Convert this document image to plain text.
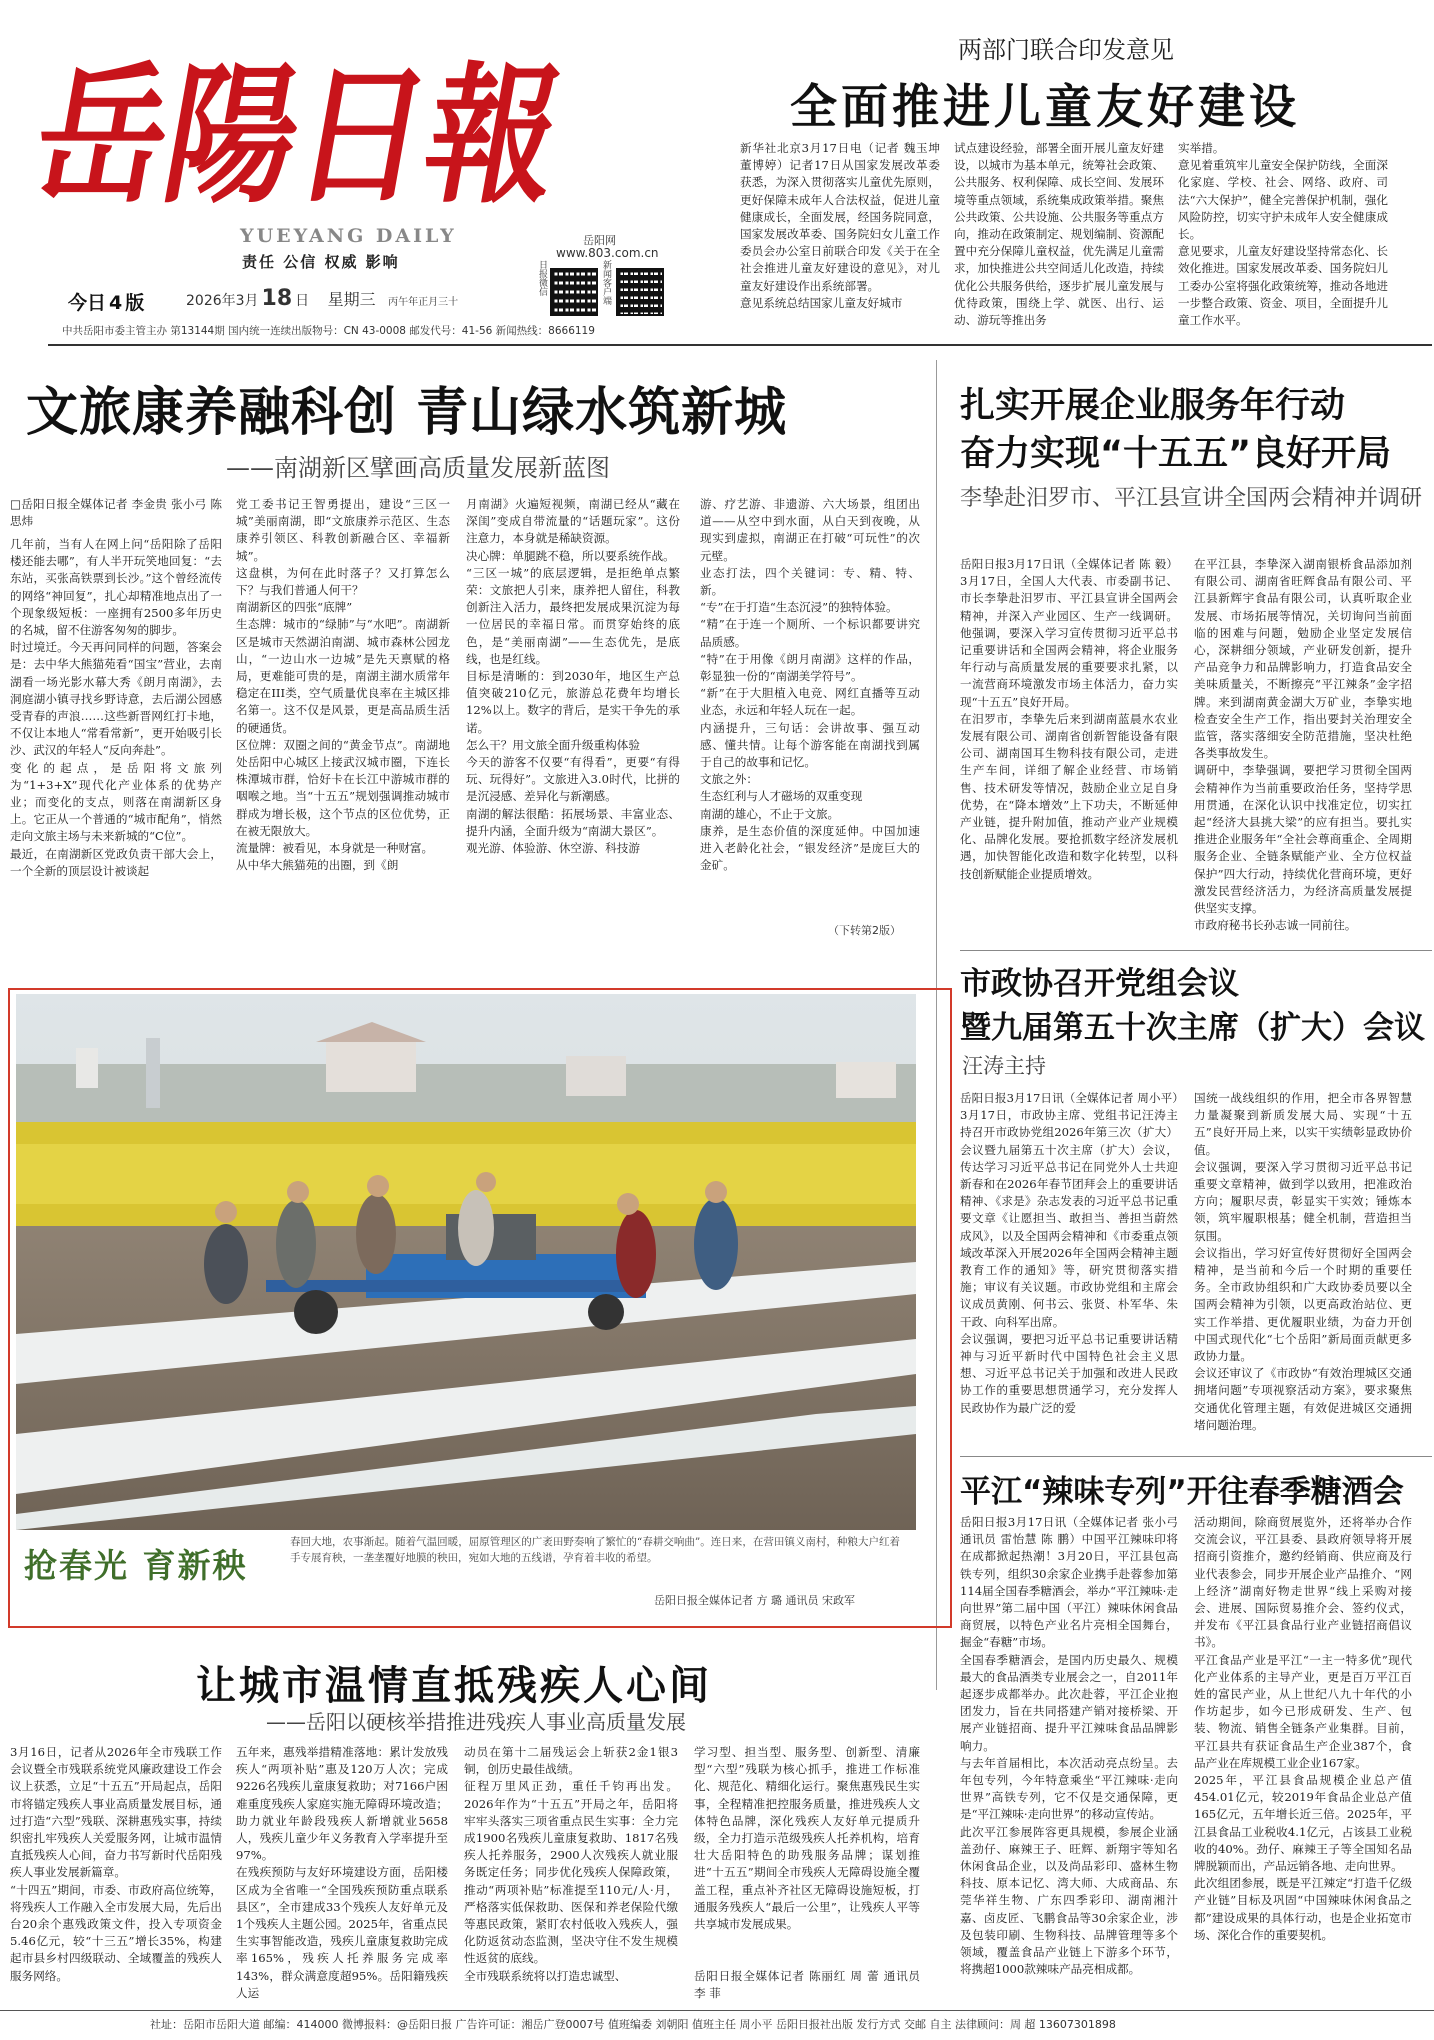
岳陽日報
YUEYANG DAILY
责任 公信 权威 影响
岳阳网
www.803.com.cn
日报微信	新闻客户端
今日 4 版	2026年3月 18 日 星期三 丙午年正月三十
中共岳阳市委主管主办 第13144期 国内统一连续出版物号：CN 43-0008 邮发代号：41-56 新闻热线：8666119
两部门联合印发意见
全面推进儿童友好建设
新华社北京3月17日电（记者 魏玉坤 董博婷）记者17日从国家发展改革委获悉，为深入贯彻落实儿童优先原则，更好保障未成年人合法权益，促进儿童健康成长，全面发展，经国务院同意，国家发展改革委、国务院妇女儿童工作委员会办公室日前联合印发《关于在全社会推进儿童友好建设的意见》，对儿童友好建设作出系统部署。
意见系统总结国家儿童友好城市
试点建设经验，部署全面开展儿童友好建设，以城市为基本单元，统筹社会政策、公共服务、权利保障、成长空间、发展环境等重点领域，系统集成政策举措。聚焦公共政策、公共设施、公共服务等重点方向，推动在政策制定、规划编制、资源配置中充分保障儿童权益，优先满足儿童需求，加快推进公共空间适儿化改造，持续优化公共服务供给，逐步扩展儿童发展与优待政策，围绕上学、就医、出行、运动、游玩等推出务
实举措。
意见着重筑牢儿童安全保护防线，全面深化家庭、学校、社会、网络、政府、司法“六大保护”，健全完善保护机制，强化风险防控，切实守护未成年人安全健康成长。
意见要求，儿童友好建设坚持常态化、长效化推进。国家发展改革委、国务院妇儿工委办公室将强化政策统筹，推动各地进一步整合政策、资金、项目，全面提升儿童工作水平。
文旅康养融科创 青山绿水筑新城
——南湖新区擘画高质量发展新蓝图
□岳阳日报全媒体记者 李金贵 张小弓 陈思炜
几年前，当有人在网上问“岳阳除了岳阳楼还能去哪”，有人半开玩笑地回复：“去东站，买张高铁票到长沙。”这个曾经流传的网络“神回复”，扎心却精准地点出了一个现象级短板：一座拥有2500多年历史的名城，留不住游客匆匆的脚步。
时过境迁。今天再问同样的问题，答案会是：去中华大熊猫苑看“国宝”营业，去南湖看一场光影水幕大秀《朗月南湖》，去洞庭湖小镇寻找乡野诗意，去后湖公园感受青春的声浪……这些新晋网红打卡地，不仅让本地人“常看常新”，更开始吸引长沙、武汉的年轻人“反向奔赴”。
变化的起点，是岳阳将文旅列为“1+3+X”现代化产业体系的优势产业；而变化的支点，则落在南湖新区身上。它正从一个普通的“城市配角”，悄然走向文旅主场与未来新城的“C位”。
最近，在南湖新区党政负责干部大会上，一个全新的顶层设计被谈起
党工委书记王智勇提出，建设“三区一城”美丽南湖，即“文旅康养示范区、生态康养引领区、科教创新融合区、幸福新城”。
这盘棋，为何在此时落子？又打算怎么下？与我们普通人何干？
南湖新区的四张“底牌”
生态牌：城市的“绿肺”与“水吧”。南湖新区是城市天然湖泊南湖、城市森林公园龙山，“一边山水一边城”是先天禀赋的格局，更难能可贵的是，南湖主湖水质常年稳定在III类，空气质量优良率在主城区排名第一。这不仅是风景，更是高品质生活的硬通货。
区位牌：双圈之间的“黄金节点”。南湖地处岳阳中心城区上接武汉城市圈，下连长株潭城市群，恰好卡在长江中游城市群的咽喉之地。当“十五五”规划强调推动城市群成为增长极，这个节点的区位优势，正在被无限放大。
流量牌：被看见，本身就是一种财富。
从中华大熊猫苑的出圈，到《朗
月南湖》火遍短视频，南湖已经从“藏在深闺”变成自带流量的“话题玩家”。这份注意力，本身就是稀缺资源。
决心牌：单腿跳不稳，所以要系统作战。
“三区一城”的底层逻辑，是拒绝单点繁荣：文旅把人引来，康养把人留住，科教创新注入活力，最终把发展成果沉淀为每一位居民的幸福日常。而贯穿始终的底色，是“美丽南湖”——生态优先，是底线，也是红线。
目标是清晰的：到2030年，地区生产总值突破210亿元，旅游总花费年均增长12%以上。数字的背后，是实干争先的承诺。
怎么干？用文旅全面升级重构体验
今天的游客不仅要“有得看”，更要“有得玩、玩得好”。文旅进入3.0时代，比拼的是沉浸感、差异化与新潮感。
南湖的解法很酷：拓展场景、丰富业态、提升内涵，全面升级为“南湖大景区”。
观光游、体验游、休空游、科技游
游、疗艺游、非遗游、六大场景，组团出道——从空中到水面，从白天到夜晚，从现实到虚拟，南湖正在打破“可玩性”的次元壁。
业态打法，四个关键词：专、精、特、新。
“专”在于打造“生态沉浸”的独特体验。
“精”在于连一个厕所、一个标识都要讲究品质感。
“特”在于用像《朗月南湖》这样的作品，彰显独一份的“南湖美学符号”。
“新”在于大胆植入电竞、网红直播等互动业态，永远和年轻人玩在一起。
内涵提升，三句话：会讲故事、强互动感、懂共情。让每个游客能在南湖找到属于自己的故事和记忆。
文旅之外：
生态红利与人才磁场的双重变现
南湖的雄心，不止于文旅。
康养，是生态价值的深度延伸。中国加速进入老龄化社会，“银发经济”是庞巨大的金矿。
（下转第2版）
扎实开展企业服务年行动
奋力实现“十五五”良好开局
李挚赴汨罗市、平江县宣讲全国两会精神并调研
岳阳日报3月17日讯（全媒体记者 陈 毅）3月17日，全国人大代表、市委副书记、市长李挚赴汨罗市、平江县宣讲全国两会精神，并深入产业园区、生产一线调研。他强调，要深入学习宣传贯彻习近平总书记重要讲话和全国两会精神，将企业服务年行动与高质量发展的重要要求扎紧，以一流营商环境激发市场主体活力，奋力实现“十五五”良好开局。
在汨罗市，李挚先后来到湖南蓝晨水农业发展有限公司、湖南省创新智能设备有限公司、湖南国耳生物科技有限公司，走进生产车间，详细了解企业经营、市场销售、技术研发等情况，鼓励企业立足自身优势，在“降本增效”上下功夫，不断延伸产业链，提升附加值，推动产业产业规模化、品牌化发展。要抢抓数字经济发展机遇，加快智能化改造和数字化转型，以科技创新赋能企业提质增效。
在平江县，李挚深入湖南银桥食品添加剂有限公司、湖南省旺辉食品有限公司、平江县新辉宇食品有限公司，认真听取企业发展、市场拓展等情况，关切询问当前面临的困难与问题，勉励企业坚定发展信心，深耕细分领域，产业研发创新，提升产品竞争力和品牌影响力，打造食品安全美味质量关，不断擦亮“平江辣条”金字招牌。来到湖南黄金湖大万矿业，李挚实地检查安全生产工作，指出要封关治理安全监管，落实落细安全防范措施，坚决杜绝各类事故发生。
调研中，李挚强调，要把学习贯彻全国两会精神作为当前重要政治任务，坚持学思用贯通，在深化认识中找准定位，切实扛起“经济大县挑大梁”的应有担当。要扎实推进企业服务年“全社会尊商重企、全周期服务企业、全链条赋能产业、全方位权益保护”四大行动，持续优化营商环境，更好激发民营经济活力，为经济高质量发展提供坚实支撑。
市政府秘书长孙志诚一同前往。
抢春光 育新秧
春回大地，农事渐起。随着气温回暖，屈原管理区的广袤田野奏响了繁忙的“春耕交响曲”。连日来，在营田镇义南村，种粮大户红着手专展育秧，一垄垄覆好地膜的秧田，宛如大地的五线谱，孕育着丰收的希望。
岳阳日报全媒体记者 方 璐 通讯员 宋政军
市政协召开党组会议
暨九届第五十次主席（扩大）会议
汪涛主持
岳阳日报3月17日讯（全媒体记者 周小平）3月17日，市政协主席、党组书记汪涛主持召开市政协党组2026年第三次（扩大）会议暨九届第五十次主席（扩大）会议，传达学习习近平总书记在同党外人士共迎新春和在2026年春节团拜会上的重要讲话精神、《求是》杂志发表的习近平总书记重要文章《让愿担当、敢担当、善担当蔚然成风》，以及全国两会精神和《市委重点领域改革深入开展2026年全国两会精神主题教育工作的通知》等，研究贯彻落实措施；审议有关议题。市政协党组和主席会议成员黄刚、何书云、张贤、朴军华、朱干政、向科军出席。
会议强调，要把习近平总书记重要讲话精神与习近平新时代中国特色社会主义思想、习近平总书记关于加强和改进人民政协工作的重要思想贯通学习，充分发挥人民政协作为最广泛的爱
国统一战线组织的作用，把全市各界智慧力量凝聚到新质发展大局、实现“十五五”良好开局上来，以实干实绩彰显政协价值。
会议强调，要深入学习贯彻习近平总书记重要文章精神，做到学以致用，把准政治方向；履职尽责，彰显实干实效；锤炼本领，筑牢履职根基；健全机制，营造担当氛围。
会议指出，学习好宣传好贯彻好全国两会精神，是当前和今后一个时期的重要任务。全市政协组织和广大政协委员要以全国两会精神为引领，以更高政治站位、更实工作举措、更优履职业绩，为奋力开创中国式现代化“七个岳阳”新局面贡献更多政协力量。
会议还审议了《市政协“有效治理城区交通拥堵问题”专项视察活动方案》，要求聚焦交通优化管理主题，有效促进城区交通拥堵问题治理。
平江“辣味专列”开往春季糖酒会
岳阳日报3月17日讯（全媒体记者 张小弓 通讯员 雷怡慧 陈 鹏）中国平江辣味印将在成都掀起热潮！3月20日，平江县包高铁专列，组织30余家企业携手赴蓉参加第114届全国春季糖酒会，举办“平江辣味·走向世界”第二届中国（平江）辣味休闲食品商贸展，以特色产业名片亮相全国舞台，掘金“春糖”市场。
全国春季糖酒会，是国内历史最久、规模最大的食品酒类专业展会之一，自2011年起逐步成都举办。此次赴蓉，平江企业抱团发力，旨在共同搭建产销对接桥梁、开展产业链招商、提升平江辣味食品品牌影响力。
与去年首届相比，本次活动亮点纷呈。去年包专列，今年特意乘坐“平江辣味·走向世界”高铁专列，它不仅是交通保障，更是“平江辣味·走向世界”的移动宣传站。
此次平江参展阵容更具规模，参展企业涵盖劲仔、麻辣王子、旺辉、新翔宇等知名休闲食品企业，以及尚品彩印、盛林生物科技、原本记忆、湾大师、大成商品、东莞华祥生物、广东四季彩印、湖南湘汁嘉、卤皮匠、飞鹏食品等30余家企业，涉及包装印刷、生物科技、品牌管理等多个领域，覆盖食品产业链上下游多个环节，将携超1000款辣味产品亮相成都。
活动期间，除商贸展览外，还将举办合作交流会议，平江县委、县政府领导将开展招商引资推介，邀约经销商、供应商及行业代表参会，同步开展企业产品推介、“网上经济”湖南好物走世界“线上采购对接会、进展、国际贸易推介会、签约仪式，并发布《平江县食品行业产业链招商倡议书》。
平江食品产业是平江“一主一特多优”现代化产业体系的主导产业，更是百万平江百姓的富民产业，从上世纪八九十年代的小作坊起步，如今已形成研发、生产、包装、物流、销售全链条产业集群。目前，平江县共有获证食品生产企业387个，食品产业在库规模工业企业167家。
2025年，平江县食品规模企业总产值454.01亿元，较2019年食品企业总产值165亿元，五年增长近三倍。2025年，平江县食品工业税收4.1亿元，占该县工业税收的40%。劲仔、麻辣王子等全国知名品牌脱颖而出，产品远销各地、走向世界。
此次组团参展，既是平江辣定“打造千亿级产业链”目标及巩固“中国辣味休闲食品之都”建设成果的具体行动，也是企业拓宽市场、深化合作的重要契机。
让城市温情直抵残疾人心间
——岳阳以硬核举措推进残疾人事业高质量发展
3月16日，记者从2026年全市残联工作会议暨全市残联系统党风廉政建设工作会议上获悉，立足“十五五”开局起点，岳阳市将锚定残疾人事业高质量发展目标，通过打造“六型”残联、深耕惠残实事，持续织密扎牢残疾人关爱服务网，让城市温情直抵残疾人心间，奋力书写新时代岳阳残疾人事业发展新篇章。
“十四五”期间，市委、市政府高位统筹，将残疾人工作融入全市发展大局，先后出台20余个惠残政策文件，投入专项资金5.46亿元，较“十三五”增长35%，构建起市县乡村四级联动、全域覆盖的残疾人服务网络。
五年来，惠残举措精准落地：累计发放残疾人“两项补贴”惠及120万人次；完成9226名残疾儿童康复救助；对7166户困难重度残疾人家庭实施无障碍环境改造；助力就业年龄段残疾人新增就业5658人，残疾儿童少年义务教育入学率提升至97%。
在残疾预防与友好环境建设方面，岳阳楼区成为全省唯一“全国残疾预防重点联系县区”，全市建成33个残疾人友好单元及1个残疾人主题公园。2025年，省重点民生实事智能改造，残疾儿童康复救助完成率165%，残疾人托养服务完成率143%，群众满意度超95%。岳阳籍残疾人运
动员在第十二届残运会上斩获2金1银3铜，创历史最佳战绩。
征程万里风正劲，重任千钧再出发。2026年作为“十五五”开局之年，岳阳将牢牢头落实三项省重点民生实事：全力完成1900名残疾儿童康复救助、1817名残疾人托养服务，2900人次残疾人就业服务既定任务；同步优化残疾人保障政策，推动“两项补贴”标准提至110元/人·月，严格落实低保救助、医保和养老保险代缴等惠民政策，紧盯农村低收入残疾人，强化防返贫动态监测，坚决守住不发生规模性返贫的底线。
全市残联系统将以打造忠诚型、
学习型、担当型、服务型、创新型、清廉型“六型”残联为核心抓手，推进工作标准化、规范化、精细化运行。聚焦惠残民生实事，全程精准把控服务质量，推进残疾人文体特色品牌，深化残疾人友好单元提质升级，全力打造示范级残疾人托养机构，培育壮大岳阳特色的助残服务品牌；谋划推进“十五五”期间全市残疾人无障碍设施全覆盖工程，重点补齐社区无障碍设施短板，打通服务残疾人“最后一公里”，让残疾人平等共享城市发展成果。
岳阳日报全媒体记者 陈丽红 周 蕾 通讯员 李 菲
社址：岳阳市岳阳大道 邮编：414000 微博报料：@岳阳日报 广告许可证：湘岳广登0007号 值班编委 刘朝阳 值班主任 周小平 岳阳日报社出版 发行方式 交邮 自主 法律顾问：周 超 13607301898
